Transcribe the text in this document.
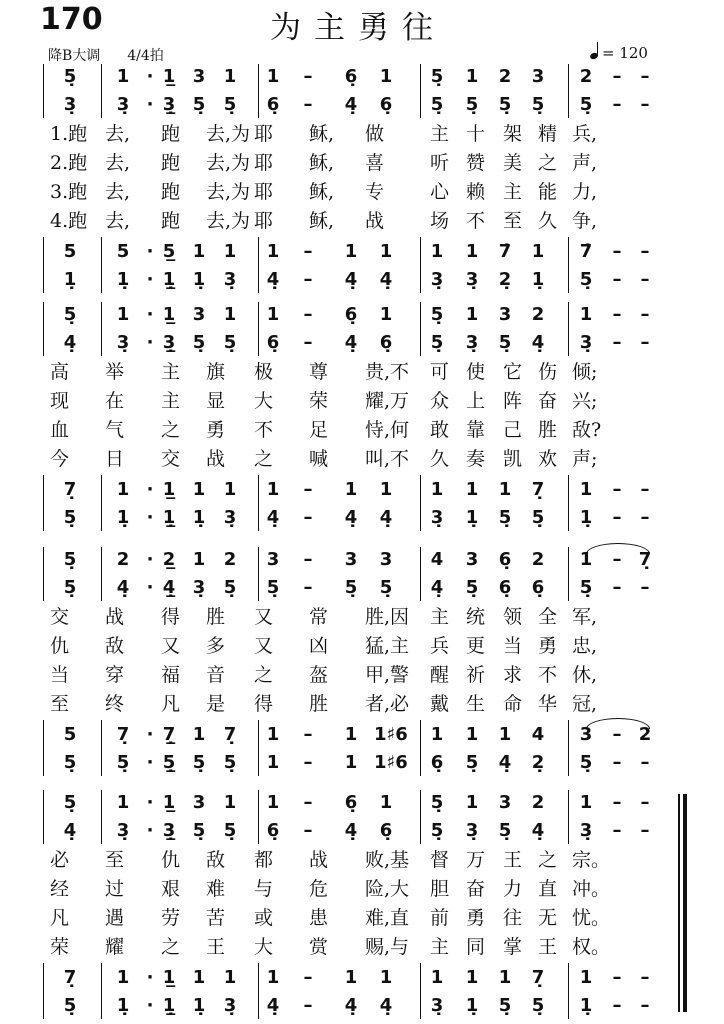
170	为主勇往
降B大调 4/4拍	= 120
5̣	1 · 1̲ 3	1	1	–	6̣	1	5̣	1	2	3	2	–	–
3̣	3̣ · 3̣̲ 5̣	5̣	6̣	–	4̣	6̣	5̣	5̣	5̣	5̣	5̣	–	–
1.跑 去, 跑 去,为 耶 稣, 做 主 十 架 精 兵,
2.跑 去, 跑 去,为 耶 稣, 喜 听 赞 美 之 声,
3.跑 去, 跑 去,为 耶 稣, 专 心 赖 主 能 力,
4.跑 去, 跑 去,为 耶 稣, 战 场 不 至 久 争,
5	5 · 5̲ 1	1	1	–	1	1	1	1	7̇	1	7̇	–	–
1̣	1̣ · 1̣̲ 1̣	3̣	4̣	–	4̣	4̣	3̣	3̣	2̣	1̣	5̣	–	–
5̣	1 · 1̲ 3	1	1	–	6̣	1	5̣	1	3	2	1	–	–
4̣	3̣ · 3̣̲ 5̣	5̣	6̣	–	4̣	6̣	5̣	3̣	5̣	4̣	3̣	–	–
高 举 主 旗 极 尊 贵,不 可 使 它 伤 倾;
现 在 主 显 大 荣 耀,万 众 上 阵 奋 兴;
血 气 之 勇 不 足 恃,何 敢 靠 己 胜 敌?
今 日 交 战 之 喊 叫,不 久 奏 凯 欢 声;
7̣	1 · 1̲ 1	1	1	–	1	1	1	1	1	7̣	1	–	–
5̣	1̣ · 1̣̲ 1̣	3̣	4̣	–	4̣	4̣	3̣	1̣	5̣	5̣	1̣	–	–
5̣	2 · 2̲ 1	2	3	–	3	3	4	3	6̣	2	1	– 7̣
5̣	4̣ · 4̣̲ 3̣	5̣	5̣	–	5̣	5̣	4̣	5̣	6̣	6̣	5̣	–	–
交 战 得 胜 又 常 胜,因 主 统 领 全 军,
仇 敌 又 多 又 凶 猛,主 兵 更 当 勇 忠,
当 穿 福 音 之 盔 甲,警 醒 祈 求 不 休,
至 终 凡 是 得 胜 者,必 戴 生 命 华 冠,
5	7̣ · 7̣̲ 1	7̣	1	–	1 1♯6	1	1	1	4	3	– 2
5̣	5̣ · 5̣̲ 5̣	5̣	1	–	1 1♯6	6̣	5̣	4̣	2̣	5̣	–	–
5̣	1 · 1̲ 3	1	1	–	6̣	1	5̣	1	3	2	1	–	–
4̣	3̣ · 3̣̲ 5̣	5̣	6̣	–	4̣	6̣	5̣	3̣	5̣	4̣	3̣	–	–
必 至 仇 敌 都 战 败,基 督 万 王 之 宗。
经 过 艰 难 与 危 险,大 胆 奋 力 直 冲。
凡 遇 劳 苦 或 患 难,直 前 勇 往 无 忧。
荣 耀 之 王 大 赏 赐,与 主 同 掌 王 权。
7̣	1 · 1̲ 1	1	1	–	1	1	1	1	1	7̣	1	–	–
5̣	1̣ · 1̣̲ 1̣	3̣	4̣	–	4̣	4̣	3̣	1̣	5̣	5̣	1̣	–	–
